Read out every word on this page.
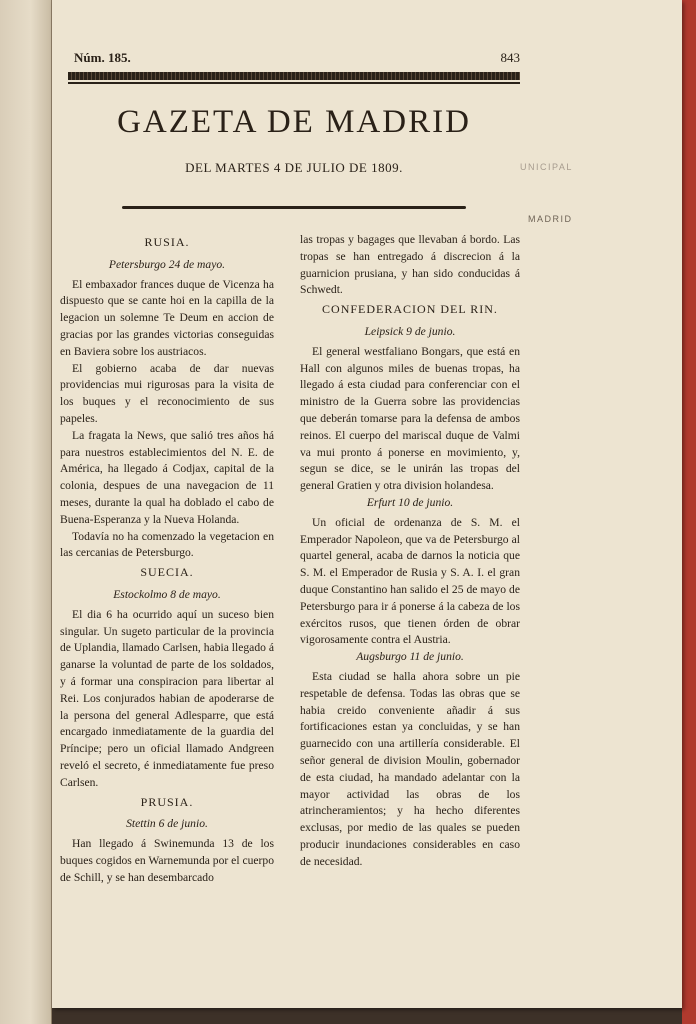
Núm. 185.	843
GAZETA DE MADRID
DEL MARTES 4 DE JULIO DE 1809.	UNICIPAL
MADRID
RUSIA.
Petersburgo 24 de mayo.
El embaxador frances duque de Vicenza ha dispuesto que se cante hoi en la capilla de la legacion un solemne Te Deum en accion de gracias por las grandes victorias conseguidas en Baviera sobre los austriacos.
El gobierno acaba de dar nuevas providencias mui rigurosas para la visita de los buques y el reconocimiento de sus papeles.
La fragata la News, que salió tres años há para nuestros establecimientos del N. E. de América, ha llegado á Codjax, capital de la colonia, despues de una navegacion de 11 meses, durante la qual ha doblado el cabo de Buena-Esperanza y la Nueva Holanda.
Todavía no ha comenzado la vegetacion en las cercanias de Petersburgo.
SUECIA.
Estockolmo 8 de mayo.
El dia 6 ha ocurrido aquí un suceso bien singular. Un sugeto particular de la provincia de Uplandia, llamado Carlsen, habia llegado á ganarse la voluntad de parte de los soldados, y á formar una conspiracion para libertar al Rei. Los conjurados habian de apoderarse de la persona del general Adlesparre, que está encargado inmediatamente de la guardia del Príncipe; pero un oficial llamado Andgreen reveló el secreto, é inmediatamente fue preso Carlsen.
PRUSIA.
Stettin 6 de junio.
Han llegado á Swinemunda 13 de los buques cogidos en Warnemunda por el cuerpo de Schill, y se han desembarcado
las tropas y bagages que llevaban á bordo. Las tropas se han entregado á discrecion á la guarnicion prusiana, y han sido conducidas á Schwedt.
CONFEDERACION DEL RIN.
Leipsick 9 de junio.
El general westfaliano Bongars, que está en Hall con algunos miles de buenas tropas, ha llegado á esta ciudad para conferenciar con el ministro de la Guerra sobre las providencias que deberán tomarse para la defensa de ambos reinos. El cuerpo del mariscal duque de Valmi va mui pronto á ponerse en movimiento, y, segun se dice, se le unirán las tropas del general Gratien y otra division holandesa.
Erfurt 10 de junio.
Un oficial de ordenanza de S. M. el Emperador Napoleon, que va de Petersburgo al quartel general, acaba de darnos la noticia que S. M. el Emperador de Rusia y S. A. I. el gran duque Constantino han salido el 25 de mayo de Petersburgo para ir á ponerse á la cabeza de los exércitos rusos, que tienen órden de obrar vigorosamente contra el Austria.
Augsburgo 11 de junio.
Esta ciudad se halla ahora sobre un pie respetable de defensa. Todas las obras que se habia creido conveniente añadir á sus fortificaciones estan ya concluidas, y se han guarnecido con una artillería considerable. El señor general de division Moulin, gobernador de esta ciudad, ha mandado adelantar con la mayor actividad las obras de los atrincheramientos; y ha hecho diferentes exclusas, por medio de las quales se pueden producir inundaciones considerables en caso de necesidad.
